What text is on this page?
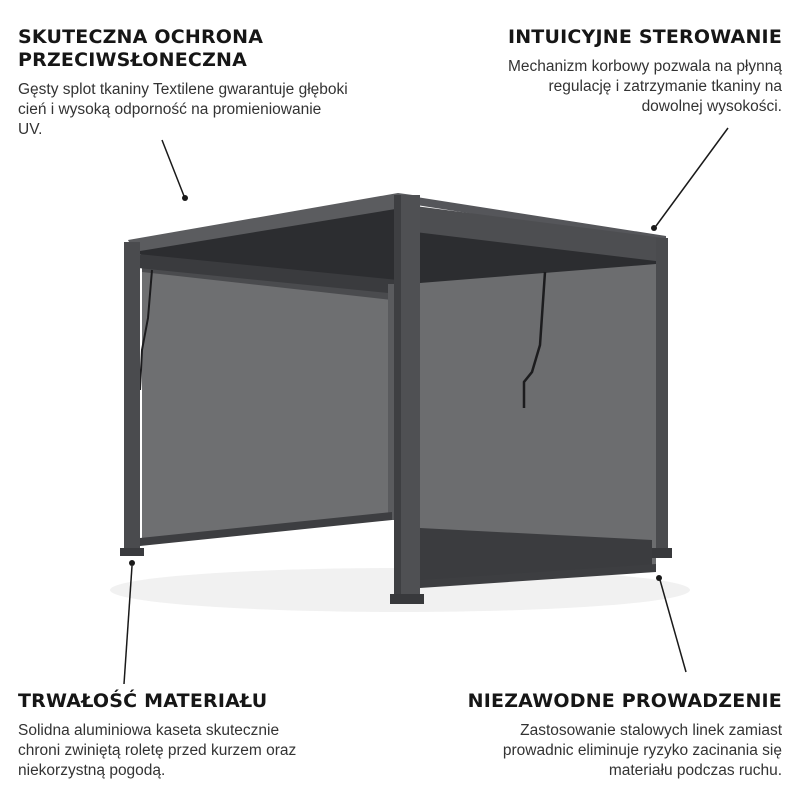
SKUTECZNA OCHRONA
PRZECIWSŁONECZNA

Gęsty splot tkaniny Textilene gwarantuje głęboki cień i wysoką odporność na promieniowanie UV.

INTUICYJNE STEROWANIE

Mechanizm korbowy pozwala na płynną regulację i zatrzymanie tkaniny na dowolnej wysokości.

TRWAŁOŚĆ MATERIAŁU

Solidna aluminiowa kaseta skutecznie chroni zwiniętą roletę przed kurzem oraz niekorzystną pogodą.

NIEZAWODNE PROWADZENIE

Zastosowanie stalowych linek zamiast prowadnic eliminuje ryzyko zacinania się materiału podczas ruchu.
